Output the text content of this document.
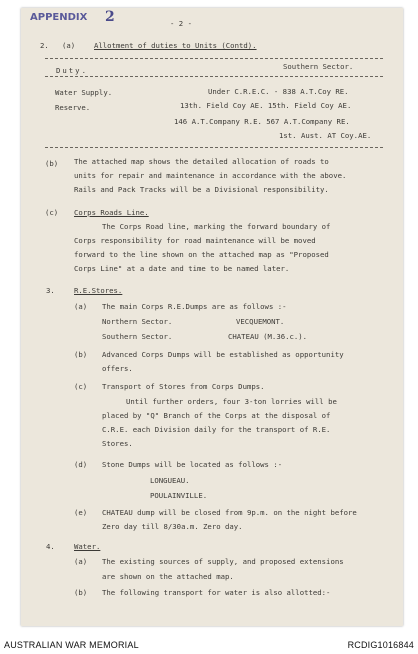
APPENDIX 2	- 2 -
2. (a)	Allotment of duties to Units (Contd).
Duty.	Southern Sector.
Water Supply.	Under C.R.E.C. - 838 A.T.Coy RE.
Reserve.	13th. Field Coy AE. 15th. Field Coy AE.
146 A.T.Company R.E. 567 A.T.Company RE.
1st. Aust. AT Coy.AE.
(b) The attached map shows the detailed allocation of roads to
units for repair and maintenance in accordance with the above.
Rails and Pack Tracks will be a Divisional responsibility.
(c) Corps Roads Line.
The Corps Road line, marking the forward boundary of
Corps responsibility for road maintenance will be moved
forward to the line shown on the attached map as "Proposed
Corps Line" at a date and time to be named later.
3.	R.E.Stores.
(a) The main Corps R.E.Dumps are as follows :-
Northern Sector.	VECQUEMONT.
Southern Sector.	CHATEAU (M.36.c.).
(b) Advanced Corps Dumps will be established as opportunity
offers.
(c) Transport of Stores from Corps Dumps.
Until further orders, four 3-ton lorries will be
placed by "Q" Branch of the Corps at the disposal of
C.R.E. each Division daily for the transport of R.E.
Stores.
(d) Stone Dumps will be located as follows :-
LONGUEAU.
POULAINVILLE.
(e) CHATEAU dump will be closed from 9p.m. on the night before
Zero day till 8/30a.m. Zero day.
4.	Water.
(a) The existing sources of supply, and proposed extensions
are shown on the attached map.
(b) The following transport for water is also allotted:-
AUSTRALIAN WAR MEMORIAL	RCDIG1016844
